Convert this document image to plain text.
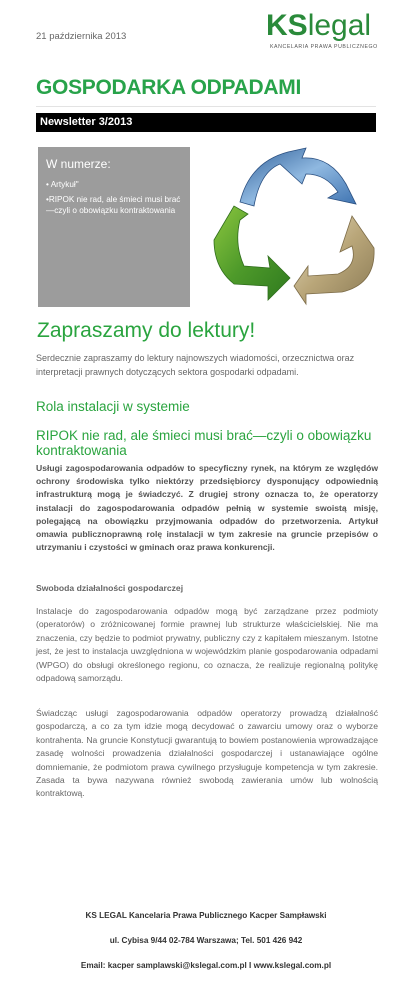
21 października 2013	KSlegal
KANCELARIA PRAWA PUBLICZNEGO
GOSPODARKA ODPADAMI
Newsletter 3/2013
W numerze:
• Artykuł"
•RIPOK nie rad, ale śmieci musi brać—czyli o obowiązku kontraktowania
Zapraszamy do lektury!
Serdecznie zapraszamy do lektury najnowszych wiadomości, orzecznictwa oraz interpretacji prawnych dotyczących sektora gospodarki odpadami.
Rola instalacji w systemie
RIPOK nie rad, ale śmieci musi brać—czyli o obowiązku kontraktowania
Usługi zagospodarowania odpadów to specyficzny rynek, na którym ze względów ochrony środowiska tylko niektórzy przedsiębiorcy dysponujący odpowiednią infrastrukturą mogą je świadczyć. Z drugiej strony oznacza to, że operatorzy instalacji do zagospodarowania odpadów pełnią w systemie swoistą misję, polegającą na obowiązku przyjmowania odpadów do przetworzenia. Artykuł omawia publicznoprawną rolę instalacji w tym zakresie na gruncie przepisów o utrzymaniu i czystości w gminach oraz prawa konkurencji.
Swoboda działalności gospodarczej
Instalacje do zagospodarowania odpadów mogą być zarządzane przez podmioty (operatorów) o zróżnicowanej formie prawnej lub strukturze właścicielskiej. Nie ma znaczenia, czy będzie to podmiot prywatny, publiczny czy z kapitałem mieszanym. Istotne jest, że jest to instalacja uwzględniona w wojewódzkim planie gospodarowania odpadami (WPGO) do obsługi określonego regionu, co oznacza, że realizuje regionalną politykę odpadową samorządu.
Świadcząc usługi zagospodarowania odpadów operatorzy prowadzą działalność gospodarczą, a co za tym idzie mogą decydować o zawarciu umowy oraz o wyborze kontrahenta. Na gruncie Konstytucji gwarantują to bowiem postanowienia wprowadzające zasadę wolności prowadzenia działalności gospodarczej i ustanawiające ogólne domniemanie, że podmiotom prawa cywilnego przysługuje kompetencja w tym zakresie. Zasada ta bywa nazywana również swobodą zawierania umów lub wolnością kontraktową.
KS LEGAL Kancelaria Prawa Publicznego Kacper Sampławski
ul. Cybisa 9/44 02-784 Warszawa; Tel. 501 426 942
Email: kacper samplawski@kslegal.com.pl I www.kslegal.com.pl
